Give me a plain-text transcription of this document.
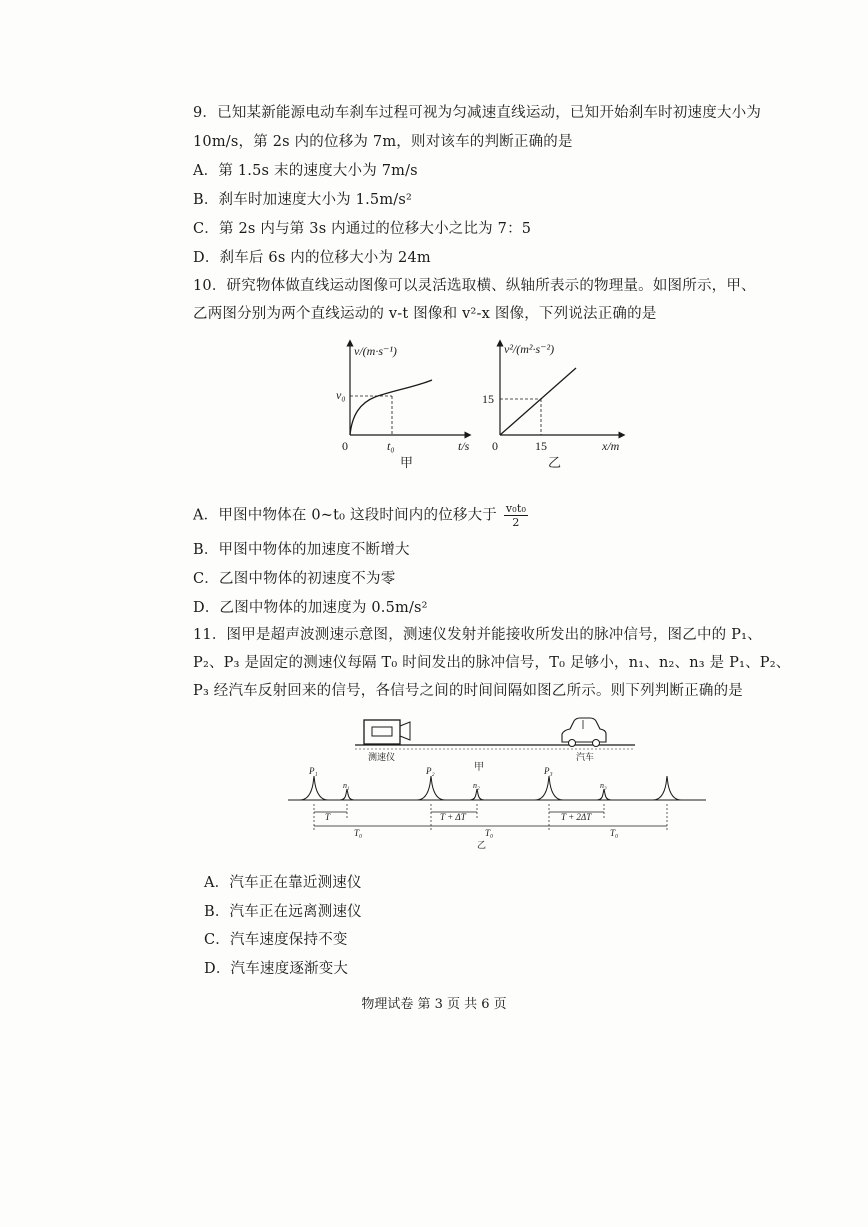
9．已知某新能源电动车刹车过程可视为匀减速直线运动，已知开始刹车时初速度大小为
10m/s，第 2s 内的位移为 7m，则对该车的判断正确的是
A．第 1.5s 末的速度大小为 7m/s
B．刹车时加速度大小为 1.5m/s²
C．第 2s 内与第 3s 内通过的位移大小之比为 7：5
D．刹车后 6s 内的位移大小为 24m
10．研究物体做直线运动图像可以灵活选取横、纵轴所表示的物理量。如图所示，甲、
乙两图分别为两个直线运动的 v-t 图像和 v²-x 图像，下列说法正确的是
v/(m·s⁻¹)
t/s
v₀
t₀
0
甲
v²/(m²·s⁻²)
x/m
15
15
0
乙
A．甲图中物体在 0~t₀ 这段时间内的位移大于 $\frac{\text{v₀t₀}}{2}$
B．甲图中物体的加速度不断增大
C．乙图中物体的初速度不为零
D．乙图中物体的加速度为 0.5m/s²
11．图甲是超声波测速示意图，测速仪发射并能接收所发出的脉冲信号，图乙中的 P₁、
P₂、P₃ 是固定的测速仪每隔 T₀ 时间发出的脉冲信号，T₀ 足够小，n₁、n₂、n₃ 是 P₁、P₂、
P₃ 经汽车反射回来的信号，各信号之间的时间间隔如图乙所示。则下列判断正确的是
测速仪	汽车
甲
P₁
n₁
P₂
n₂
P₃
n₃
T	T + ΔT	T + 2ΔT
T₀	T₀	T₀
乙
A．汽车正在靠近测速仪
B．汽车正在远离测速仪
C．汽车速度保持不变
D．汽车速度逐渐变大
物理试卷 第 3 页 共 6 页
